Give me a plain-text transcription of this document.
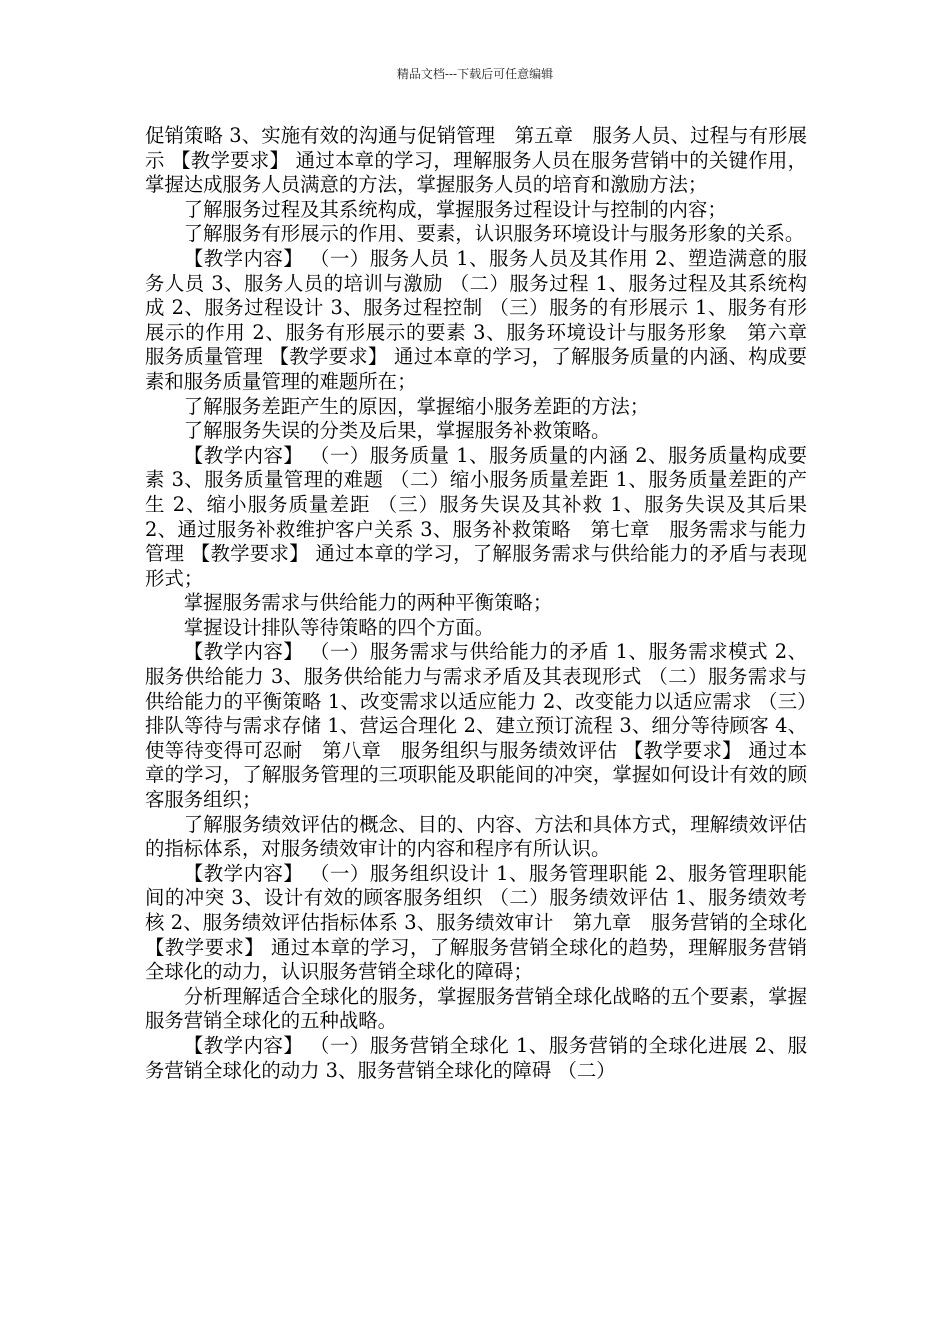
精品文档---下载后可任意编辑

促销策略 3、实施有效的沟通与促销管理　第五章　服务人员、过程与有形展示 【教学要求】 通过本章的学习，理解服务人员在服务营销中的关键作用，掌握达成服务人员满意的方法，掌握服务人员的培育和激励方法；

了解服务过程及其系统构成，掌握服务过程设计与控制的内容；

了解服务有形展示的作用、要素，认识服务环境设计与服务形象的关系。

【教学内容】 （一）服务人员 1、服务人员及其作用 2、塑造满意的服务人员 3、服务人员的培训与激励 （二）服务过程 1、服务过程及其系统构成 2、服务过程设计 3、服务过程控制 （三）服务的有形展示 1、服务有形展示的作用 2、服务有形展示的要素 3、服务环境设计与服务形象　第六章　服务质量管理 【教学要求】 通过本章的学习，了解服务质量的内涵、构成要素和服务质量管理的难题所在；

了解服务差距产生的原因，掌握缩小服务差距的方法；

了解服务失误的分类及后果，掌握服务补救策略。

【教学内容】 （一）服务质量 1、服务质量的内涵 2、服务质量构成要素 3、服务质量管理的难题 （二）缩小服务质量差距 1、服务质量差距的产生 2、缩小服务质量差距 （三）服务失误及其补救 1、服务失误及其后果 2、通过服务补救维护客户关系 3、服务补救策略　第七章　服务需求与能力管理 【教学要求】 通过本章的学习，了解服务需求与供给能力的矛盾与表现形式；

掌握服务需求与供给能力的两种平衡策略；

掌握设计排队等待策略的四个方面。

【教学内容】 （一）服务需求与供给能力的矛盾 1、服务需求模式 2、服务供给能力 3、服务供给能力与需求矛盾及其表现形式 （二）服务需求与供给能力的平衡策略 1、改变需求以适应能力 2、改变能力以适应需求 （三）排队等待与需求存储 1、营运合理化 2、建立预订流程 3、细分等待顾客 4、使等待变得可忍耐　第八章　服务组织与服务绩效评估 【教学要求】 通过本章的学习，了解服务管理的三项职能及职能间的冲突，掌握如何设计有效的顾客服务组织；

了解服务绩效评估的概念、目的、内容、方法和具体方式，理解绩效评估的指标体系，对服务绩效审计的内容和程序有所认识。

【教学内容】 （一）服务组织设计 1、服务管理职能 2、服务管理职能间的冲突 3、设计有效的顾客服务组织 （二）服务绩效评估 1、服务绩效考核 2、服务绩效评估指标体系 3、服务绩效审计　第九章　服务营销的全球化 【教学要求】 通过本章的学习，了解服务营销全球化的趋势，理解服务营销全球化的动力，认识服务营销全球化的障碍；

分析理解适合全球化的服务，掌握服务营销全球化战略的五个要素，掌握服务营销全球化的五种战略。

【教学内容】 （一）服务营销全球化 1、服务营销的全球化进展 2、服务营销全球化的动力 3、服务营销全球化的障碍 （二）
